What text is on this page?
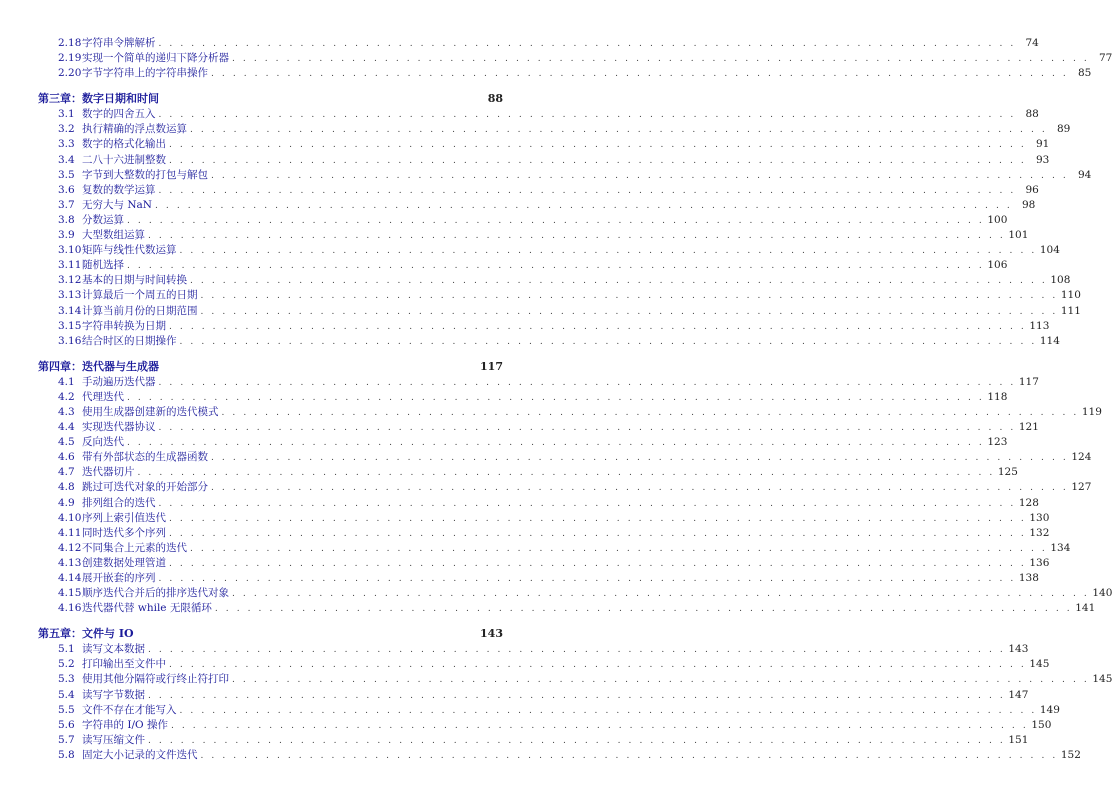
2.18 字符串令牌解析 . . . . . . . . . . . . . . . . . . . . . . . . . . . . . . . . . . . . . . . . . . . . . . . . . . . . . . . . . . . . . . . . . . . . . . . . . . . . . . . 74
2.19 实现一个简单的递归下降分析器 . . . . . . . . . . . . . . . . . . . . . . . . . . . . . . . . . . . . . . . . . . . . . . . . . . . . . . . . . . . . . . . . . . . . . . . . . . . . . . . 77
2.20 字节字符串上的字符串操作 . . . . . . . . . . . . . . . . . . . . . . . . . . . . . . . . . . . . . . . . . . . . . . . . . . . . . . . . . . . . . . . . . . . . . . . . . . . . . . . 85
第三章：数字日期和时间	88
3.1 数字的四舍五入 . . . . . . . . . . . . . . . . . . . . . . . . . . . . . . . . . . . . . . . . . . . . . . . . . . . . . . . . . . . . . . . . . . . . . . . . . . . . . . . 88
3.2 执行精确的浮点数运算 . . . . . . . . . . . . . . . . . . . . . . . . . . . . . . . . . . . . . . . . . . . . . . . . . . . . . . . . . . . . . . . . . . . . . . . . . . . . . . . 89
3.3 数字的格式化输出 . . . . . . . . . . . . . . . . . . . . . . . . . . . . . . . . . . . . . . . . . . . . . . . . . . . . . . . . . . . . . . . . . . . . . . . . . . . . . . . 91
3.4 二八十六进制整数 . . . . . . . . . . . . . . . . . . . . . . . . . . . . . . . . . . . . . . . . . . . . . . . . . . . . . . . . . . . . . . . . . . . . . . . . . . . . . . . 93
3.5 字节到大整数的打包与解包 . . . . . . . . . . . . . . . . . . . . . . . . . . . . . . . . . . . . . . . . . . . . . . . . . . . . . . . . . . . . . . . . . . . . . . . . . . . . . . . 94
3.6 复数的数学运算 . . . . . . . . . . . . . . . . . . . . . . . . . . . . . . . . . . . . . . . . . . . . . . . . . . . . . . . . . . . . . . . . . . . . . . . . . . . . . . . 96
3.7 无穷大与 NaN . . . . . . . . . . . . . . . . . . . . . . . . . . . . . . . . . . . . . . . . . . . . . . . . . . . . . . . . . . . . . . . . . . . . . . . . . . . . . . . 98
3.8 分数运算 . . . . . . . . . . . . . . . . . . . . . . . . . . . . . . . . . . . . . . . . . . . . . . . . . . . . . . . . . . . . . . . . . . . . . . . . . . . . . . . 100
3.9 大型数组运算 . . . . . . . . . . . . . . . . . . . . . . . . . . . . . . . . . . . . . . . . . . . . . . . . . . . . . . . . . . . . . . . . . . . . . . . . . . . . . . . 101
3.10 矩阵与线性代数运算 . . . . . . . . . . . . . . . . . . . . . . . . . . . . . . . . . . . . . . . . . . . . . . . . . . . . . . . . . . . . . . . . . . . . . . . . . . . . . . . 104
3.11 随机选择 . . . . . . . . . . . . . . . . . . . . . . . . . . . . . . . . . . . . . . . . . . . . . . . . . . . . . . . . . . . . . . . . . . . . . . . . . . . . . . . 106
3.12 基本的日期与时间转换 . . . . . . . . . . . . . . . . . . . . . . . . . . . . . . . . . . . . . . . . . . . . . . . . . . . . . . . . . . . . . . . . . . . . . . . . . . . . . . . 108
3.13 计算最后一个周五的日期 . . . . . . . . . . . . . . . . . . . . . . . . . . . . . . . . . . . . . . . . . . . . . . . . . . . . . . . . . . . . . . . . . . . . . . . . . . . . . . . 110
3.14 计算当前月份的日期范围 . . . . . . . . . . . . . . . . . . . . . . . . . . . . . . . . . . . . . . . . . . . . . . . . . . . . . . . . . . . . . . . . . . . . . . . . . . . . . . . 111
3.15 字符串转换为日期 . . . . . . . . . . . . . . . . . . . . . . . . . . . . . . . . . . . . . . . . . . . . . . . . . . . . . . . . . . . . . . . . . . . . . . . . . . . . . . . 113
3.16 结合时区的日期操作 . . . . . . . . . . . . . . . . . . . . . . . . . . . . . . . . . . . . . . . . . . . . . . . . . . . . . . . . . . . . . . . . . . . . . . . . . . . . . . . 114
第四章：迭代器与生成器	117
4.1 手动遍历迭代器 . . . . . . . . . . . . . . . . . . . . . . . . . . . . . . . . . . . . . . . . . . . . . . . . . . . . . . . . . . . . . . . . . . . . . . . . . . . . . . . 117
4.2 代理迭代 . . . . . . . . . . . . . . . . . . . . . . . . . . . . . . . . . . . . . . . . . . . . . . . . . . . . . . . . . . . . . . . . . . . . . . . . . . . . . . . 118
4.3 使用生成器创建新的迭代模式 . . . . . . . . . . . . . . . . . . . . . . . . . . . . . . . . . . . . . . . . . . . . . . . . . . . . . . . . . . . . . . . . . . . . . . . . . . . . . . . 119
4.4 实现迭代器协议 . . . . . . . . . . . . . . . . . . . . . . . . . . . . . . . . . . . . . . . . . . . . . . . . . . . . . . . . . . . . . . . . . . . . . . . . . . . . . . . 121
4.5 反向迭代 . . . . . . . . . . . . . . . . . . . . . . . . . . . . . . . . . . . . . . . . . . . . . . . . . . . . . . . . . . . . . . . . . . . . . . . . . . . . . . . 123
4.6 带有外部状态的生成器函数 . . . . . . . . . . . . . . . . . . . . . . . . . . . . . . . . . . . . . . . . . . . . . . . . . . . . . . . . . . . . . . . . . . . . . . . . . . . . . . . 124
4.7 迭代器切片 . . . . . . . . . . . . . . . . . . . . . . . . . . . . . . . . . . . . . . . . . . . . . . . . . . . . . . . . . . . . . . . . . . . . . . . . . . . . . . . 125
4.8 跳过可迭代对象的开始部分 . . . . . . . . . . . . . . . . . . . . . . . . . . . . . . . . . . . . . . . . . . . . . . . . . . . . . . . . . . . . . . . . . . . . . . . . . . . . . . . 127
4.9 排列组合的迭代 . . . . . . . . . . . . . . . . . . . . . . . . . . . . . . . . . . . . . . . . . . . . . . . . . . . . . . . . . . . . . . . . . . . . . . . . . . . . . . . 128
4.10 序列上索引值迭代 . . . . . . . . . . . . . . . . . . . . . . . . . . . . . . . . . . . . . . . . . . . . . . . . . . . . . . . . . . . . . . . . . . . . . . . . . . . . . . . 130
4.11 同时迭代多个序列 . . . . . . . . . . . . . . . . . . . . . . . . . . . . . . . . . . . . . . . . . . . . . . . . . . . . . . . . . . . . . . . . . . . . . . . . . . . . . . . 132
4.12 不同集合上元素的迭代 . . . . . . . . . . . . . . . . . . . . . . . . . . . . . . . . . . . . . . . . . . . . . . . . . . . . . . . . . . . . . . . . . . . . . . . . . . . . . . . 134
4.13 创建数据处理管道 . . . . . . . . . . . . . . . . . . . . . . . . . . . . . . . . . . . . . . . . . . . . . . . . . . . . . . . . . . . . . . . . . . . . . . . . . . . . . . . 136
4.14 展开嵌套的序列 . . . . . . . . . . . . . . . . . . . . . . . . . . . . . . . . . . . . . . . . . . . . . . . . . . . . . . . . . . . . . . . . . . . . . . . . . . . . . . . 138
4.15 顺序迭代合并后的排序迭代对象 . . . . . . . . . . . . . . . . . . . . . . . . . . . . . . . . . . . . . . . . . . . . . . . . . . . . . . . . . . . . . . . . . . . . . . . . . . . . . . . 140
4.16 迭代器代替 while 无限循环 . . . . . . . . . . . . . . . . . . . . . . . . . . . . . . . . . . . . . . . . . . . . . . . . . . . . . . . . . . . . . . . . . . . . . . . . . . . . . . . 141
第五章：文件与 IO	143
5.1 读写文本数据 . . . . . . . . . . . . . . . . . . . . . . . . . . . . . . . . . . . . . . . . . . . . . . . . . . . . . . . . . . . . . . . . . . . . . . . . . . . . . . . 143
5.2 打印输出至文件中 . . . . . . . . . . . . . . . . . . . . . . . . . . . . . . . . . . . . . . . . . . . . . . . . . . . . . . . . . . . . . . . . . . . . . . . . . . . . . . . 145
5.3 使用其他分隔符或行终止符打印 . . . . . . . . . . . . . . . . . . . . . . . . . . . . . . . . . . . . . . . . . . . . . . . . . . . . . . . . . . . . . . . . . . . . . . . . . . . . . . . 145
5.4 读写字节数据 . . . . . . . . . . . . . . . . . . . . . . . . . . . . . . . . . . . . . . . . . . . . . . . . . . . . . . . . . . . . . . . . . . . . . . . . . . . . . . . 147
5.5 文件不存在才能写入 . . . . . . . . . . . . . . . . . . . . . . . . . . . . . . . . . . . . . . . . . . . . . . . . . . . . . . . . . . . . . . . . . . . . . . . . . . . . . . . 149
5.6 字符串的 I/O 操作 . . . . . . . . . . . . . . . . . . . . . . . . . . . . . . . . . . . . . . . . . . . . . . . . . . . . . . . . . . . . . . . . . . . . . . . . . . . . . . . 150
5.7 读写压缩文件 . . . . . . . . . . . . . . . . . . . . . . . . . . . . . . . . . . . . . . . . . . . . . . . . . . . . . . . . . . . . . . . . . . . . . . . . . . . . . . . 151
5.8 固定大小记录的文件迭代 . . . . . . . . . . . . . . . . . . . . . . . . . . . . . . . . . . . . . . . . . . . . . . . . . . . . . . . . . . . . . . . . . . . . . . . . . . . . . . . 152
